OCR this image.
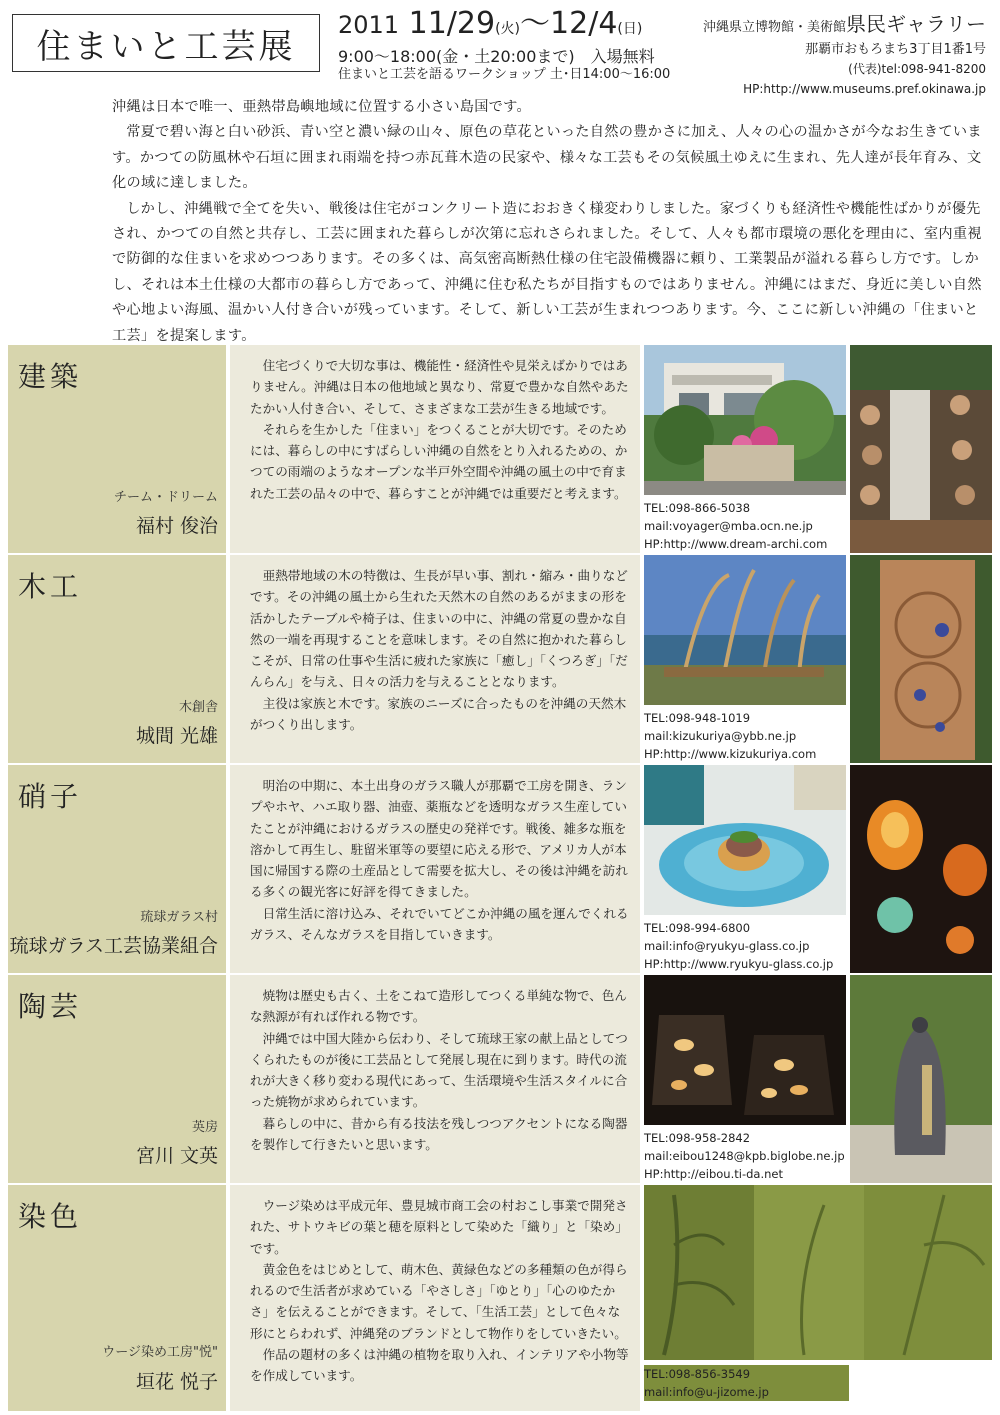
住まいと工芸展
2011 11/29(火)〜12/4(日)
9:00〜18:00(金・土20:00まで)　入場無料
住まいと工芸を語るワークショップ 土･日14:00〜16:00
沖縄県立博物館・美術館県民ギャラリー
那覇市おもろまち3丁目1番1号
(代表)tel:098-941-8200
HP:http://www.museums.pref.okinawa.jp

沖縄は日本で唯一、亜熱帯島嶼地域に位置する小さい島国です。

常夏で碧い海と白い砂浜、青い空と濃い緑の山々、原色の草花といった自然の豊かさに加え、人々の心の温かさが今なお生きています。かつての防風林や石垣に囲まれ雨端を持つ赤瓦葺木造の民家や、様々な工芸もその気候風土ゆえに生まれ、先人達が長年育み、文化の域に達しました。

しかし、沖縄戦で全てを失い、戦後は住宅がコンクリート造におおきく様変わりしました。家づくりも経済性や機能性ばかりが優先され、かつての自然と共存し、工芸に囲まれた暮らしが次第に忘れさられました。そして、人々も都市環境の悪化を理由に、室内重視で防御的な住まいを求めつつあります。その多くは、高気密高断熱仕様の住宅設備機器に頼り、工業製品が溢れる暮らし方です。しかし、それは本土仕様の大都市の暮らし方であって、沖縄に住む私たちが目指すものではありません。沖縄にはまだ、身近に美しい自然や心地よい海風、温かい人付き合いが残っています。そして、新しい工芸が生まれつつあります。今、ここに新しい沖縄の「住まいと工芸」を提案します。

建築
チーム・ドリーム
福村 俊治

住宅づくりで大切な事は、機能性・経済性や見栄えばかりではありません。沖縄は日本の他地域と異なり、常夏で豊かな自然やあたたかい人付き合い、そして、さまざまな工芸が生きる地域です。

それらを生かした「住まい」をつくることが大切です。そのためには、暮らしの中にすばらしい沖縄の自然をとり入れるための、かつての雨端のようなオープンな半戸外空間や沖縄の風土の中で育まれた工芸の品々の中で、暮らすことが沖縄では重要だと考えます。

TEL:098-866-5038
mail:voyager@mba.ocn.ne.jp
HP:http://www.dream-archi.com
木工
木創舎
城間 光雄

亜熱帯地域の木の特徴は、生長が早い事、割れ・縮み・曲りなどです。その沖縄の風土から生れた天然木の自然のあるがままの形を活かしたテーブルや椅子は、住まいの中に、沖縄の常夏の豊かな自然の一端を再現することを意味します。その自然に抱かれた暮らしこそが、日常の仕事や生活に疲れた家族に「癒し」「くつろぎ」「だんらん」を与え、日々の活力を与えることとなります。

主役は家族と木です。家族のニーズに合ったものを沖縄の天然木がつくり出します。	TEL:098-948-1019
mail:kizukuriya@ybb.ne.jp
HP:http://www.kizukuriya.com
硝子
琉球ガラス村
琉球ガラス工芸協業組合

明治の中期に、本土出身のガラス職人が那覇で工房を開き、ランプやホヤ、ハエ取り器、油壺、薬瓶などを透明なガラス生産していたことが沖縄におけるガラスの歴史の発祥です。戦後、雑多な瓶を溶かして再生し、駐留米軍等の要望に応える形で、アメリカ人が本国に帰国する際の土産品として需要を拡大し、その後は沖縄を訪れる多くの観光客に好評を得てきました。

日常生活に溶け込み、それでいてどこか沖縄の風を運んでくれるガラス、そんなガラスを目指していきます。	TEL:098-994-6800
mail:info@ryukyu-glass.co.jp
HP:http://www.ryukyu-glass.co.jp
陶芸
英房
宮川 文英

焼物は歴史も古く、土をこねて造形してつくる単純な物で、色んな熱源が有れば作れる物です。

沖縄では中国大陸から伝わり、そして琉球王家の献上品としてつくられたものが後に工芸品として発展し現在に到ります。時代の流れが大きく移り変わる現代にあって、生活環境や生活スタイルに合った焼物が求められています。

暮らしの中に、昔から有る技法を残しつつアクセントになる陶器を製作して行きたいと思います。	TEL:098-958-2842
mail:eibou1248@kpb.biglobe.ne.jp
HP:http://eibou.ti-da.net
染色
ウージ染め工房"悦"
垣花 悦子

ウージ染めは平成元年、豊見城市商工会の村おこし事業で開発された、サトウキビの葉と穂を原料として染めた「織り」と「染め」です。

黄金色をはじめとして、萌木色、黄緑色などの多種類の色が得られるので生活者が求めている「やさしさ」「ゆとり」「心のゆたかさ」を伝えることができます。そして、「生活工芸」として色々な形にとらわれず、沖縄発のブランドとして物作りをしていきたい。

作品の題材の多くは沖縄の植物を取り入れ、インテリアや小物等を作成しています。	TEL:098-856-3549
mail:info@u-jizome.jp
